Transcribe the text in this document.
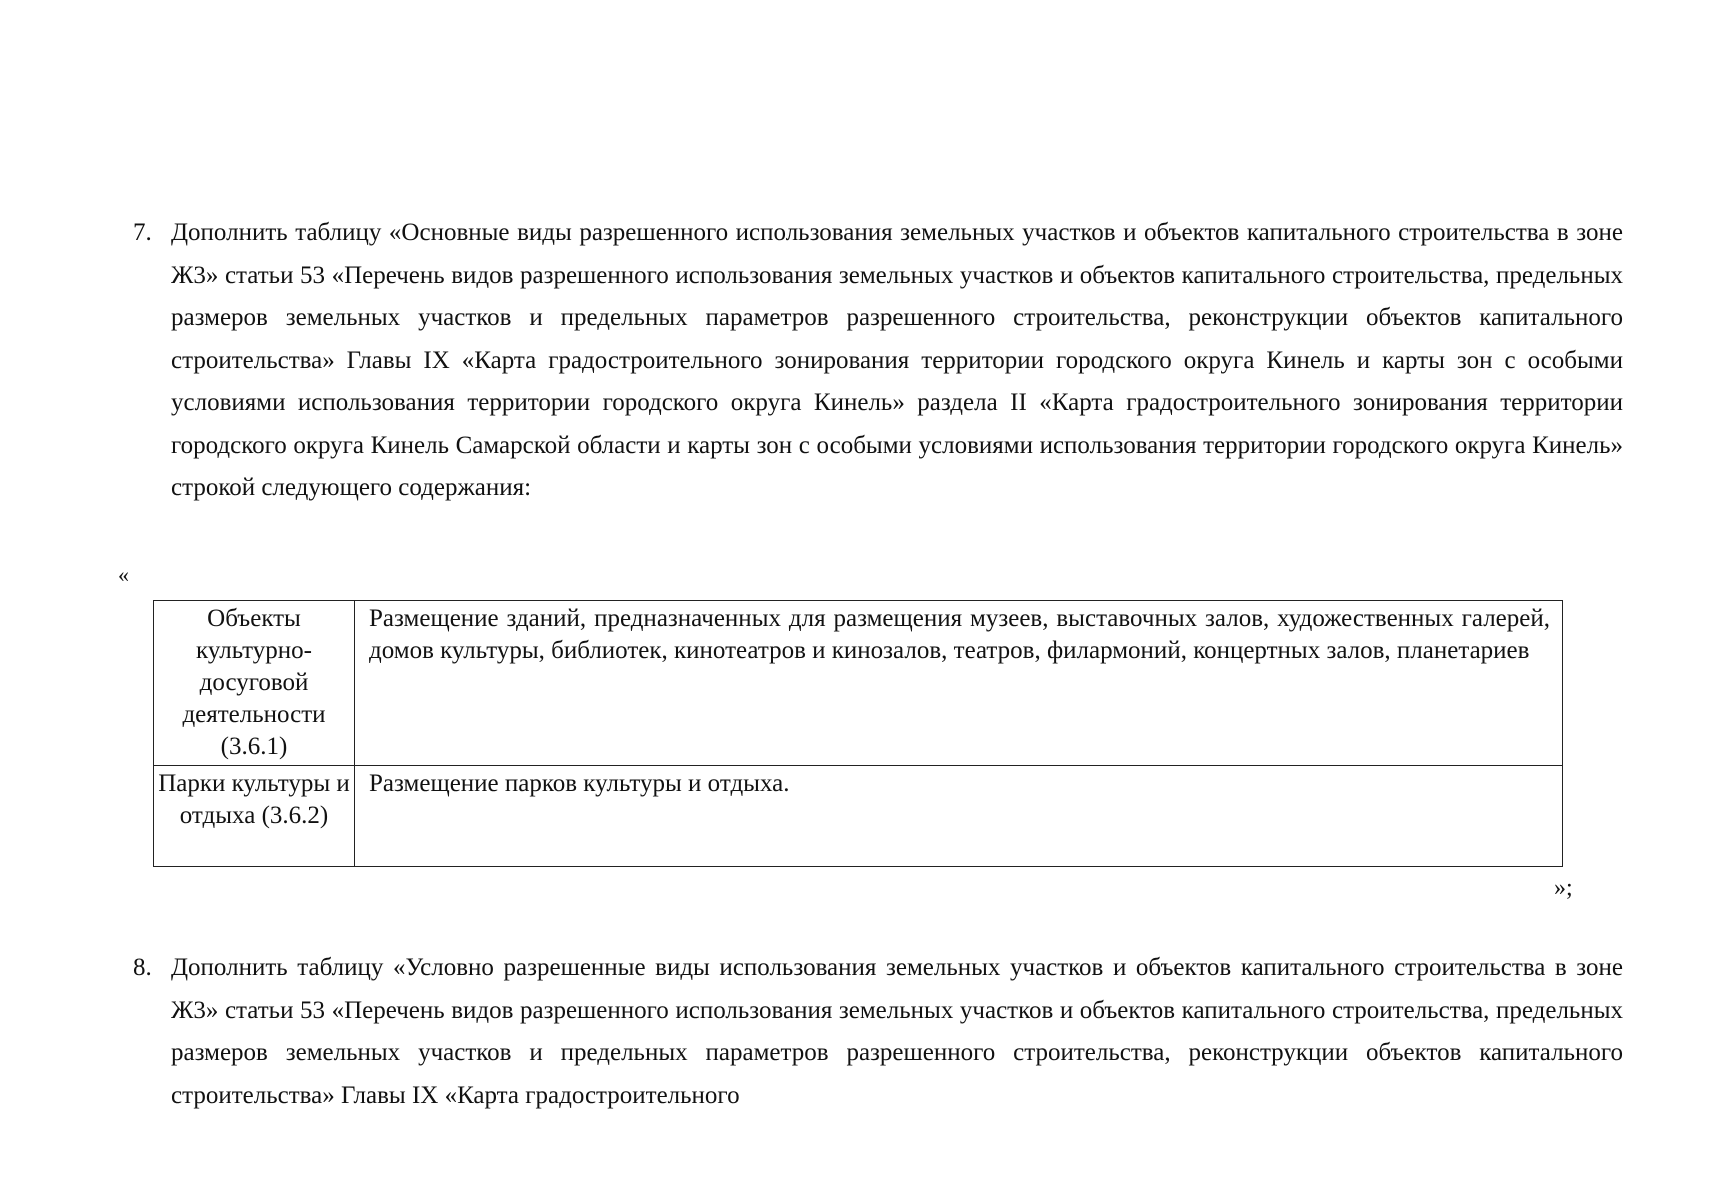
7. Дополнить таблицу «Основные виды разрешенного использования земельных участков и объектов капитального строительства в зоне Ж3» статьи 53 «Перечень видов разрешенного использования земельных участков и объектов капитального строительства, предельных размеров земельных участков и предельных параметров разрешенного строительства, реконструкции объектов капитального строительства» Главы IX «Карта градостроительного зонирования территории городского округа Кинель и карты зон с особыми условиями использования территории городского округа Кинель» раздела II «Карта градостроительного зонирования территории городского округа Кинель Самарской области и карты зон с особыми условиями использования территории городского округа Кинель» строкой следующего содержания:
«
Объекты культурно-досуговой деятельности (3.6.1)	Размещение зданий, предназначенных для размещения музеев, выставочных залов, художественных галерей, домов культуры, библиотек, кинотеатров и кинозалов, театров, филармоний, концертных залов, планетариев
Парки культуры и отдыха (3.6.2)	Размещение парков культуры и отдыха.
»;
8. Дополнить таблицу «Условно разрешенные виды использования земельных участков и объектов капитального строительства в зоне Ж3» статьи 53 «Перечень видов разрешенного использования земельных участков и объектов капитального строительства, предельных размеров земельных участков и предельных параметров разрешенного строительства, реконструкции объектов капитального строительства» Главы IX «Карта градостроительного
